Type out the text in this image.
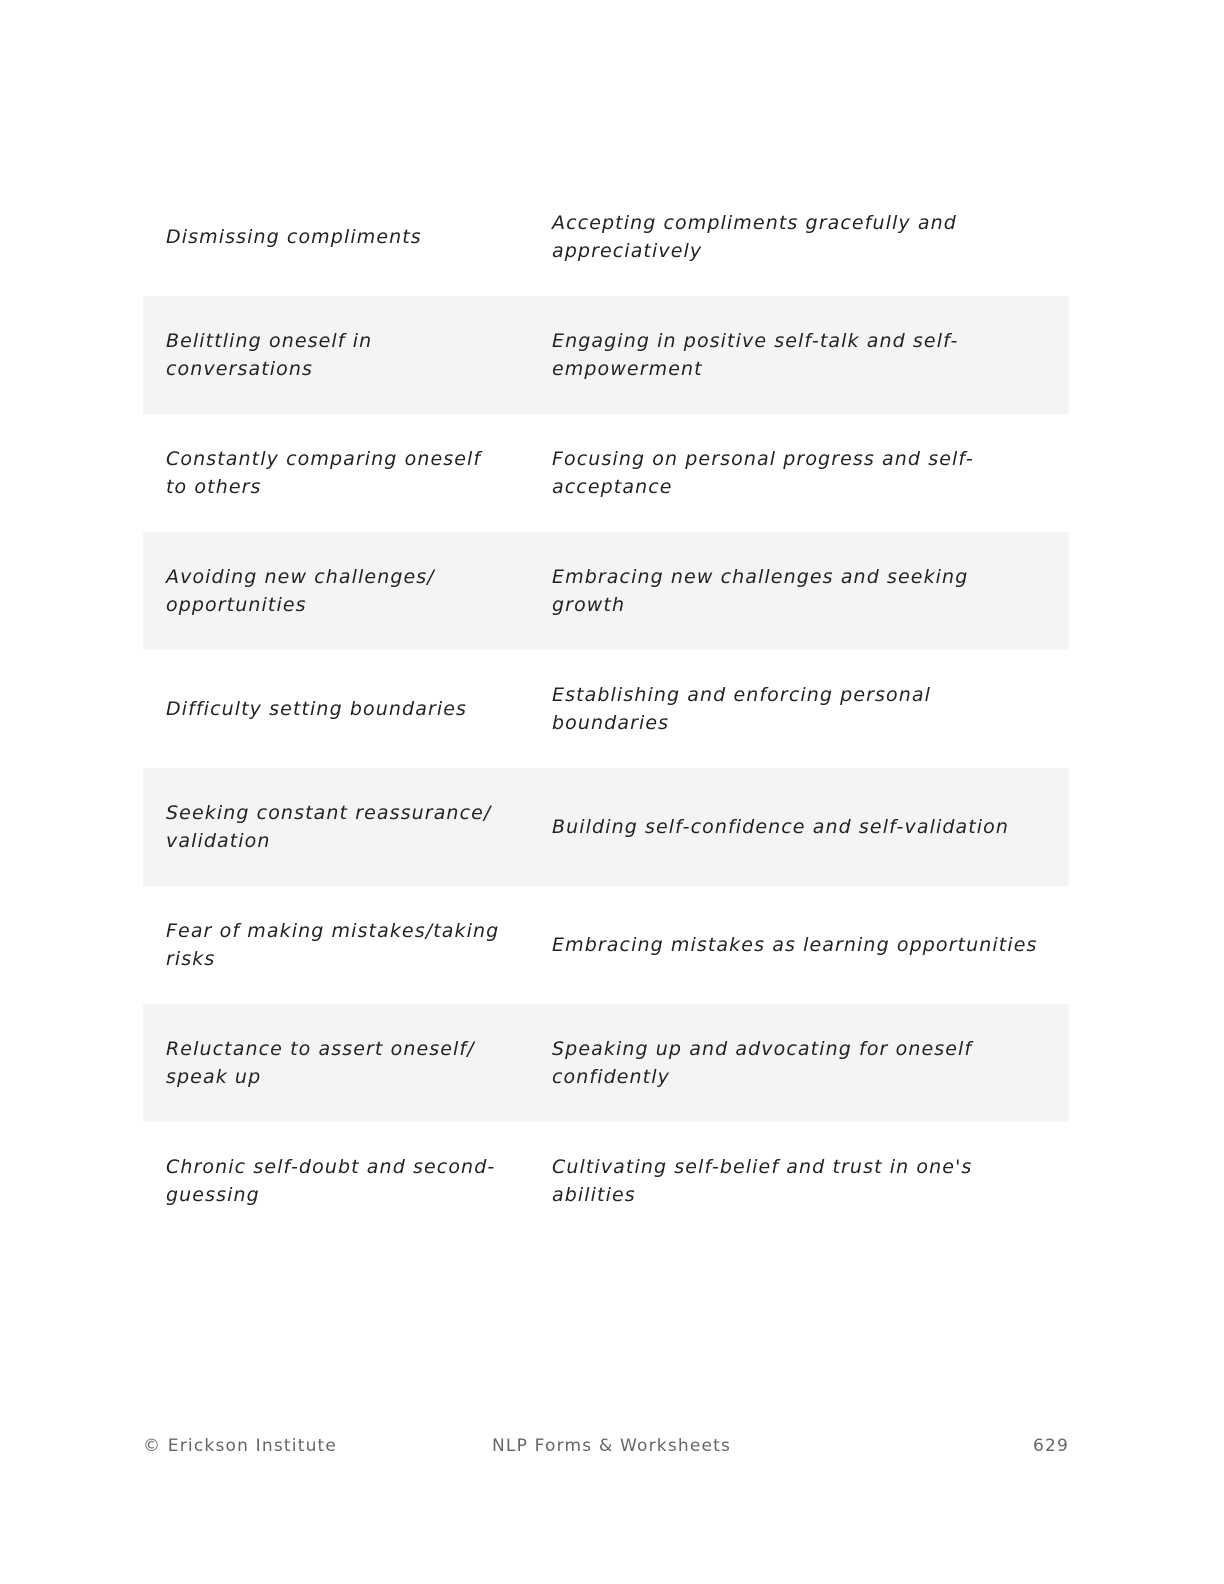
Dismissing compliments
Accepting compliments gracefully and appreciatively
Belittling oneself in conversations
Engaging in positive self-talk and self-empowerment
Constantly comparing oneself to others
Focusing on personal progress and self-acceptance
Avoiding new challenges/ opportunities
Embracing new challenges and seeking growth
Difficulty setting boundaries
Establishing and enforcing personal boundaries
Seeking constant reassurance/ validation
Building self-confidence and self-validation
Fear of making mistakes/taking risks
Embracing mistakes as learning opportunities
Reluctance to assert oneself/ speak up
Speaking up and advocating for oneself confidently
Chronic self-doubt and second-guessing
Cultivating self-belief and trust in one's abilities
© Erickson Institute	NLP Forms & Worksheets	629
